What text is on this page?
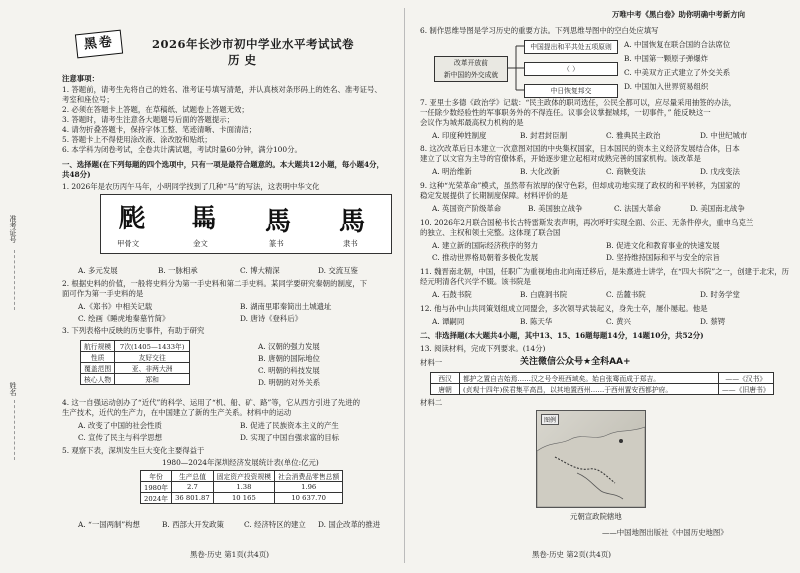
万唯中考《黑白卷》助你明确中考新方向
准考证号
姓名
黑卷	2026年长沙市初中学业水平考试试卷
历 史
注意事项：
1. 答题前，请考生先将自己的姓名、准考证号填写清楚，并认真核对条形码上的姓名、准考证号、
考室和座位号；
2. 必须在答题卡上答题，在草稿纸、试题卷上答题无效；
3. 答题时，请考生注意各大题题号后面的答题提示；
4. 请勿折叠答题卡，保持字体工整、笔迹清晰、卡面清洁；
5. 答题卡上不得使用涂改液、涂改胶和贴纸；
6. 本学科为闭卷考试，全卷共计满试题，考试时量60分钟，满分100分。
一、选择题(在下列每题的四个选项中，只有一项是最符合题意的。本大题共12小题，每小题4分，
共48分)
1. 2026年是农历丙午马年，小明同学找到了几种“马”的写法，这表明中华文化
𢒝 𩡧 馬 馬
甲骨文	金文	篆书	隶书
A. 多元发展	B. 一脉相承	C. 博大精深	D. 交流互鉴
2. 根据史料的价值，一般将史料分为第一手史料和第二手史料。某同学要研究秦朝的制度，下
面可作为第一手史料的是
A.《郑书》中相关记载	B. 湖南里耶秦简出土城遗址
C. 绘画《睡虎地秦墓竹简》	D. 唐诗《登科后》
3. 下列表格中反映的历史事件，有助于研究
航行规模	7次(1405—1433年)
性质	友好交往
覆盖范围	亚、非两大洲
核心人物	郑和
A. 汉朝的强力发展
B. 唐朝的国际地位
C. 明朝的科技发展
D. 明朝的对外关系
4. 这一自强运动创办了“近代”的科学、运用了“机、船、矿、路”等，它从西方引进了先进的
生产技术，近代的生产力，在中国建立了新的生产关系。材料中的运动
A. 改变了中国的社会性质	B. 促进了民族资本主义的产生
C. 宣传了民主与科学思想	D. 实现了中国自强求富的目标
5. 观察下表，深圳发生巨大变化主要得益于
1980—2024年深圳经济发展统计表(单位:亿元)
年份	生产总值	固定资产投资规模	社会消费品零售总额
1980年	2.7	1.38	1.96
2024年	36 801.87	10 165	10 637.70
A. “一国两制”构想	B. 西部大开发政策	C. 经济特区的建立 D. 国企改革的推进
黑卷·历史 第1页(共4页)
6. 制作思维导图是学习历史的重要方法。下列思维导图中的空白处应填写
改革开放前
新中国的外交成就
中国提出和平共处五项原则
（ ）
中日恢复邦交
A. 中国恢复在联合国的合法席位
B. 中国第一颗原子弹爆炸
C. 中美双方正式建立了外交关系
D. 中国加入世界贸易组织
7. 亚里士多德《政治学》记载：“民主政体的职司选任，公民全都可以，应尽量采用抽签的办法，
一任除少数经验性的军事职务外的不得连任。议事会议掌握城邦，一切事件，” 能反映这一
会议作为城邦最高权力机构的是
A. 印度种姓制度	B. 封君封臣制	C. 雅典民主政治	D. 中世纪城市
8. 这次改革后日本建立一次意图对国的中央集权国家，日本国民的资本主义经济发展结合体，日本
建立了以文官为主导的官僚体系，开始逐步建立起相对成熟完善的国家机构。该改革是
A. 明治维新	B. 大化改新	C. 商鞅变法	D. 戊戌变法
9. 这种“光荣革命”模式，虽然带有浓厚的保守色彩，但却成功地实现了政权的和平转移，为国家的
稳定发展提供了长期制度保障。材料评价的是
A. 英国资产阶级革命	B. 美国独立战争	C. 法国大革命	D. 美国南北战争
10. 2026年2月联合国秘书长古特雷斯发表声明，再次呼吁实现全面、公正、无条件停火，重申乌克兰
的独立、主权和领土完整。这体现了联合国
A. 建立新的国际经济秩序的努力	B. 促进文化和教育事业的快速发展
C. 推动世界格局朝着多极化发展	D. 坚持维持国际和平与安全的宗旨
11. 魏晋南北朝，中国，任职广为重视地由北向南迁移后，是朱熹进士讲学，在“四大书院”之一，创建于北宋，历
经元明清各代兴学不辍。该书院是
A. 石鼓书院	B. 白鹿洞书院	C. 岳麓书院	D. 时务学堂
12. 他与孙中山共同策划组成立同盟会，多次领导武装起义，身先士卒，屡仆屡起。他是
A. 谭嗣同	B. 陈天华	C. 黄兴	D. 蔡锷
二、非选择题(本大题共4小题，其中13、15、16题每题14分，14题10分，共52分)
13. 阅读材料，完成下列要求。(14分)
材料一	关注微信公众号★全科AA+
西汉	都护之置自吉始焉……汉之号令班西域矣。始自张骞而成于郑吉。	——《汉书》
唐朝	(贞观十四年)侯君集平高昌，以其地置西州……于西州置安西都护府。	——《旧唐书》
材料二
图例
元朝宣政院辖地
——中国地图出版社《中国历史地图》
黑卷·历史 第2页(共4页)
